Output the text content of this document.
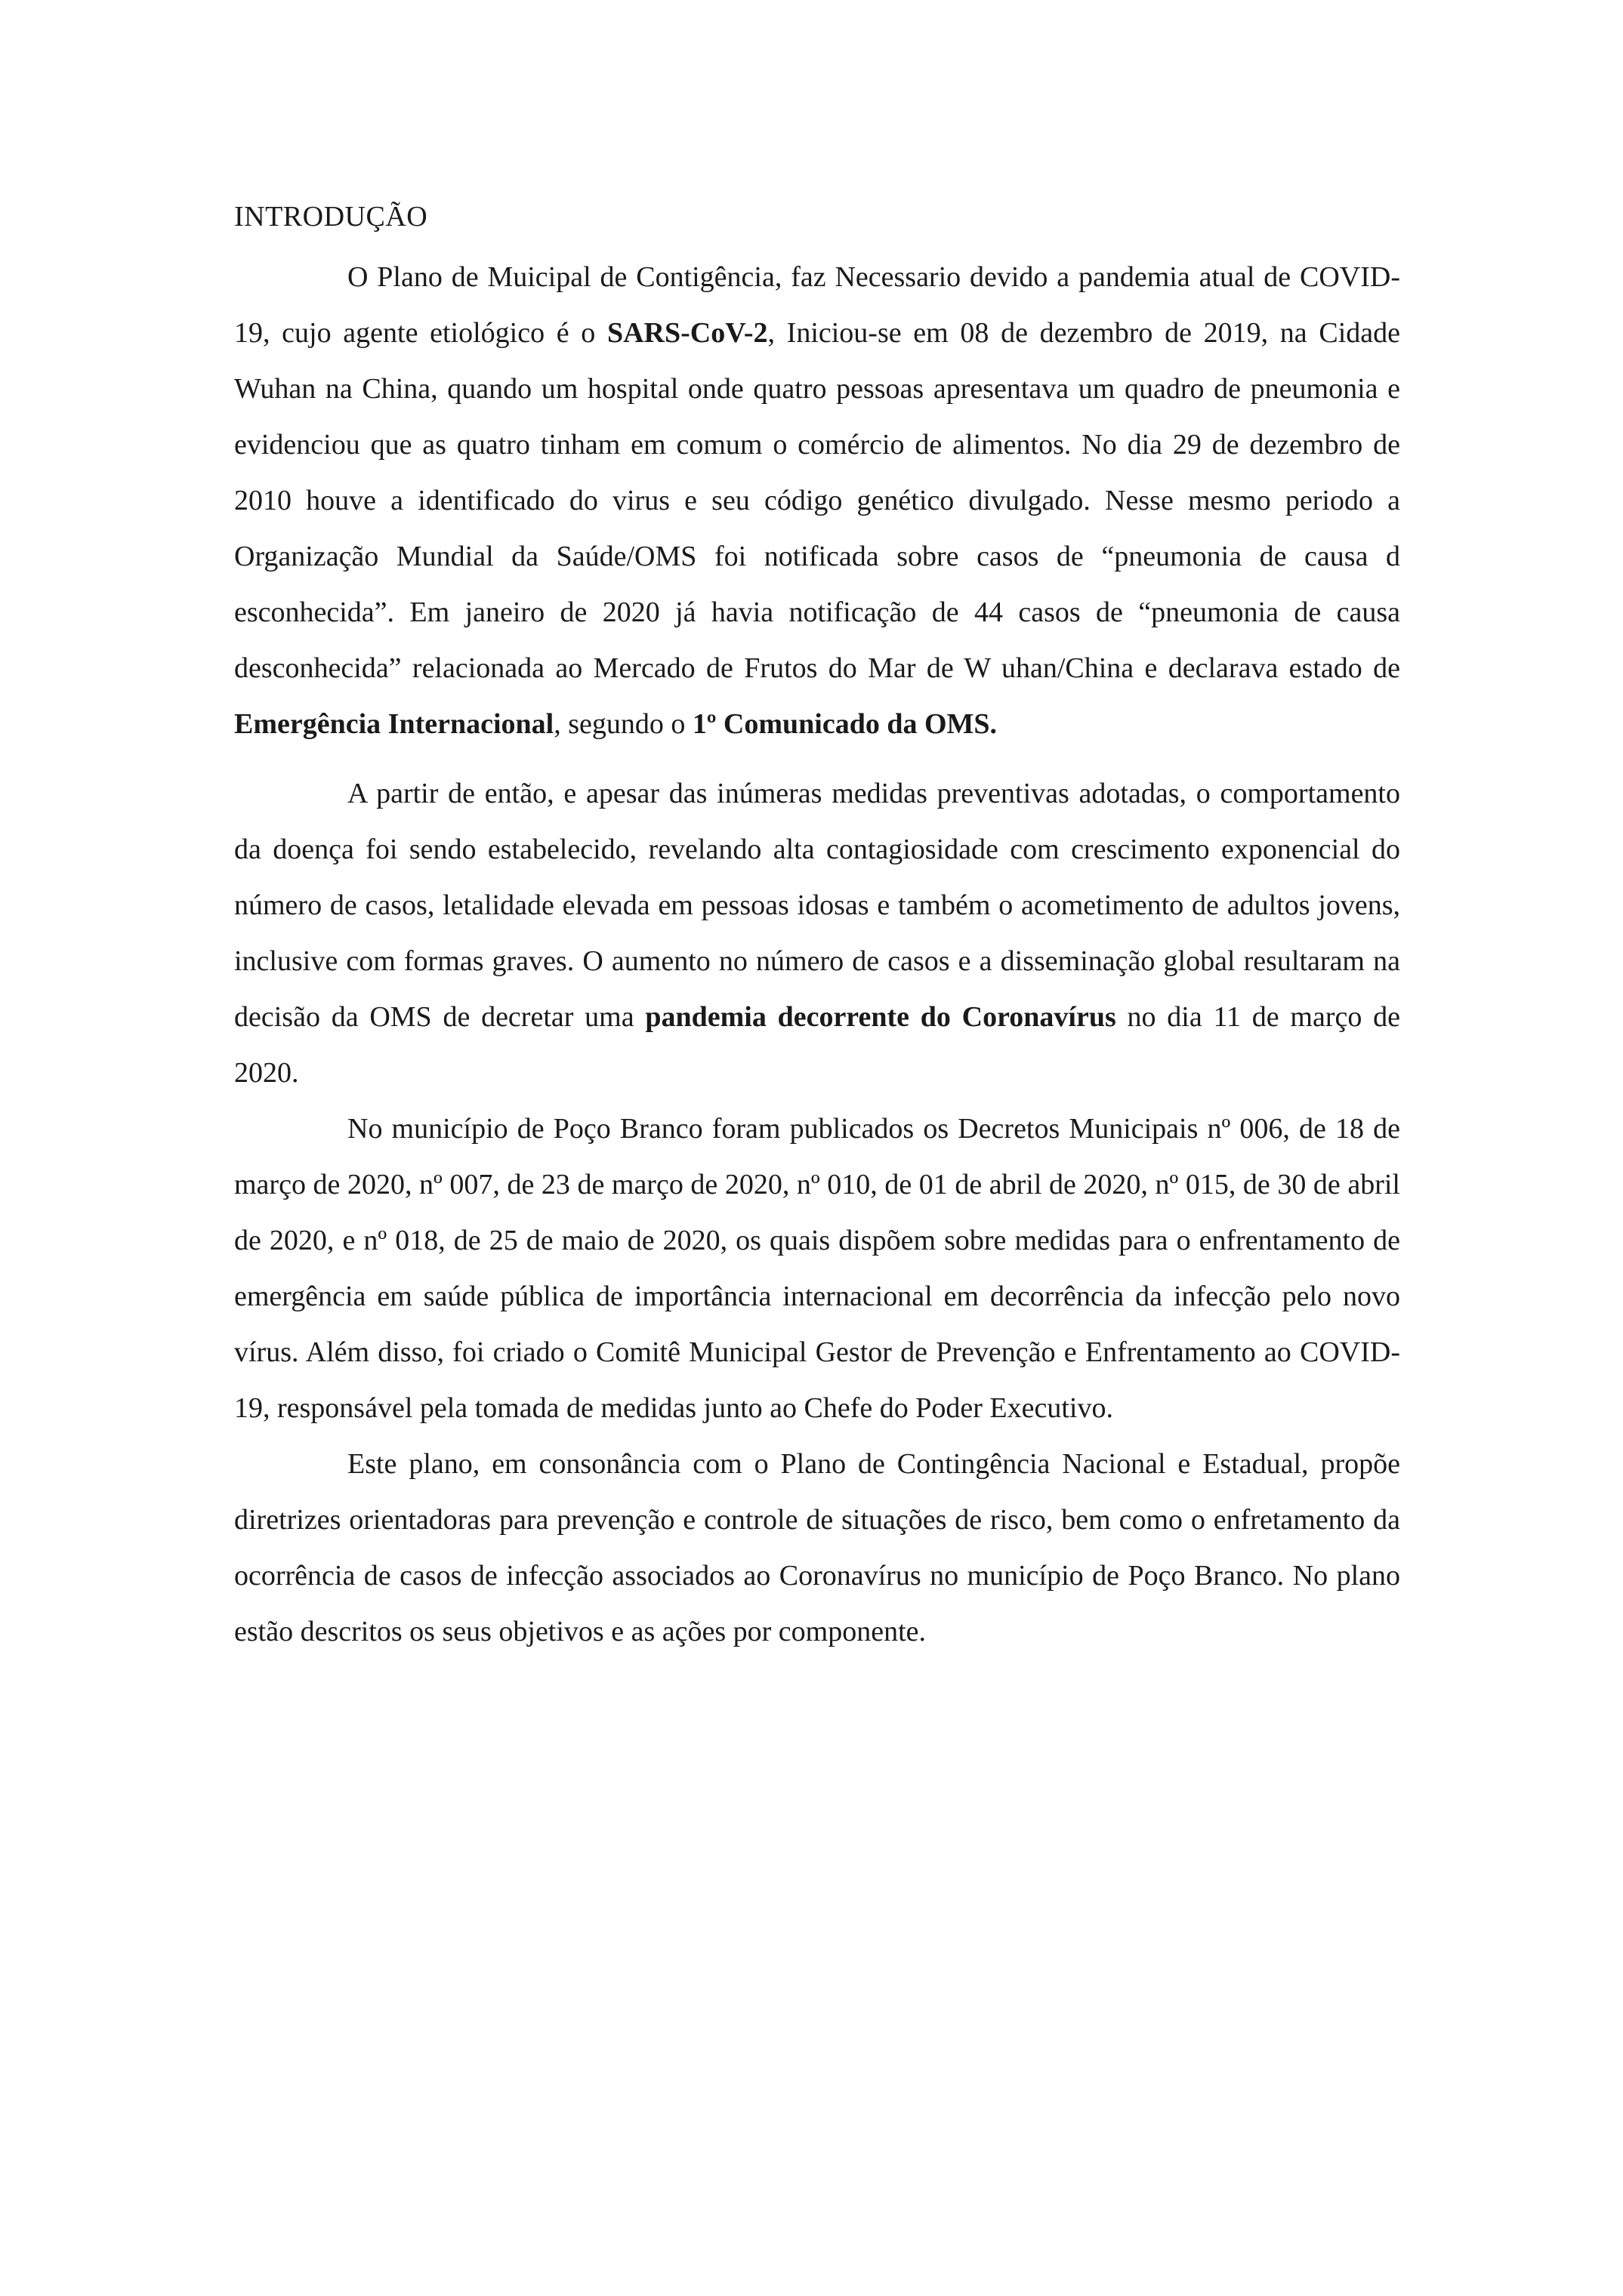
INTRODUÇÃO

O Plano de Muicipal de Contigência, faz Necessario devido a pandemia atual de COVID-19, cujo agente etiológico é o SARS-CoV-2, Iniciou-se em 08 de dezembro de 2019, na Cidade Wuhan na China, quando um hospital onde quatro pessoas apresentava um quadro de pneumonia e evidenciou que as quatro tinham em comum o comércio de alimentos. No dia 29 de dezembro de 2010 houve a identificado do virus e seu código genético divulgado. Nesse mesmo periodo a Organização Mundial da Saúde/OMS foi notificada sobre casos de “pneumonia de causa d esconhecida”. Em janeiro de 2020 já havia notificação de 44 casos de “pneumonia de causa desconhecida” relacionada ao Mercado de Frutos do Mar de W uhan/China e declarava estado de Emergência Internacional, segundo o 1º Comunicado da OMS.

A partir de então, e apesar das inúmeras medidas preventivas adotadas, o comportamento da doença foi sendo estabelecido, revelando alta contagiosidade com crescimento exponencial do número de casos, letalidade elevada em pessoas idosas e também o acometimento de adultos jovens, inclusive com formas graves. O aumento no número de casos e a disseminação global resultaram na decisão da OMS de decretar uma pandemia decorrente do Coronavírus no dia 11 de março de 2020.

No município de Poço Branco foram publicados os Decretos Municipais nº 006, de 18 de março de 2020, nº 007, de 23 de março de 2020, nº 010, de 01 de abril de 2020, nº 015, de 30 de abril de 2020, e nº 018, de 25 de maio de 2020, os quais dispõem sobre medidas para o enfrentamento de emergência em saúde pública de importância internacional em decorrência da infecção pelo novo vírus. Além disso, foi criado o Comitê Municipal Gestor de Prevenção e Enfrentamento ao COVID-19, responsável pela tomada de medidas junto ao Chefe do Poder Executivo.

Este plano, em consonância com o Plano de Contingência Nacional e Estadual, propõe diretrizes orientadoras para prevenção e controle de situações de risco, bem como o enfretamento da ocorrência de casos de infecção associados ao Coronavírus no município de Poço Branco. No plano estão descritos os seus objetivos e as ações por componente.
